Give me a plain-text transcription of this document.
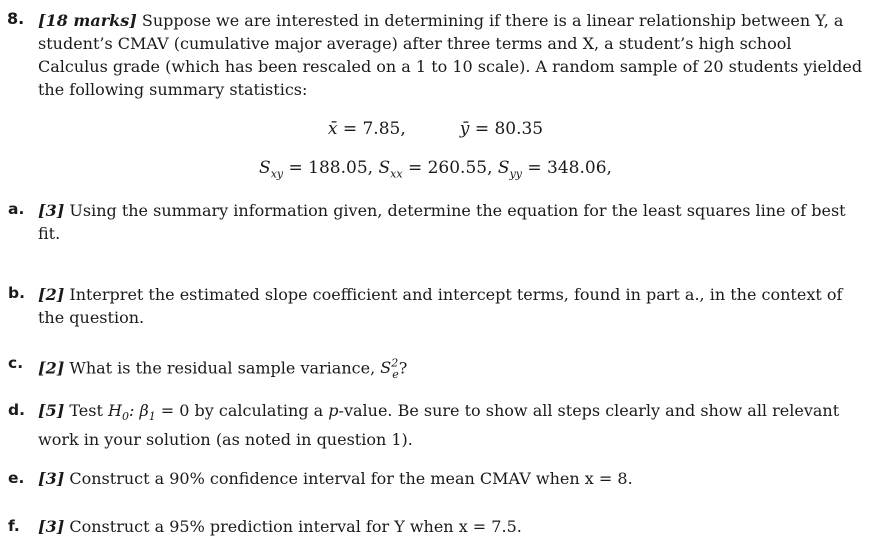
8. [18 marks] Suppose we are interested in determining if there is a linear relationship between Y, a student’s CMAV (cumulative major average) after three terms and X, a student’s high school Calculus grade (which has been rescaled on a 1 to 10 scale). A random sample of 20 students yielded the following summary statistics:
x̄ = 7.85,	ȳ = 80.35
$S_{xy} = 188.05$, $S_{xx} = 260.55$, $S_{yy} = 348.06$,
a. [3] Using the summary information given, determine the equation for the least squares line of best fit.
b. [2] Interpret the estimated slope coefficient and intercept terms, found in part a., in the context of the question.
c. [2] What is the residual sample variance, $S^2_e$?
d. [5] Test $H_0$: $\beta_1 = 0$ by calculating a p-value. Be sure to show all steps clearly and show all relevant work in your solution (as noted in question 1).
e. [3] Construct a 90% confidence interval for the mean CMAV when x = 8.
f. [3] Construct a 95% prediction interval for Y when x = 7.5.
